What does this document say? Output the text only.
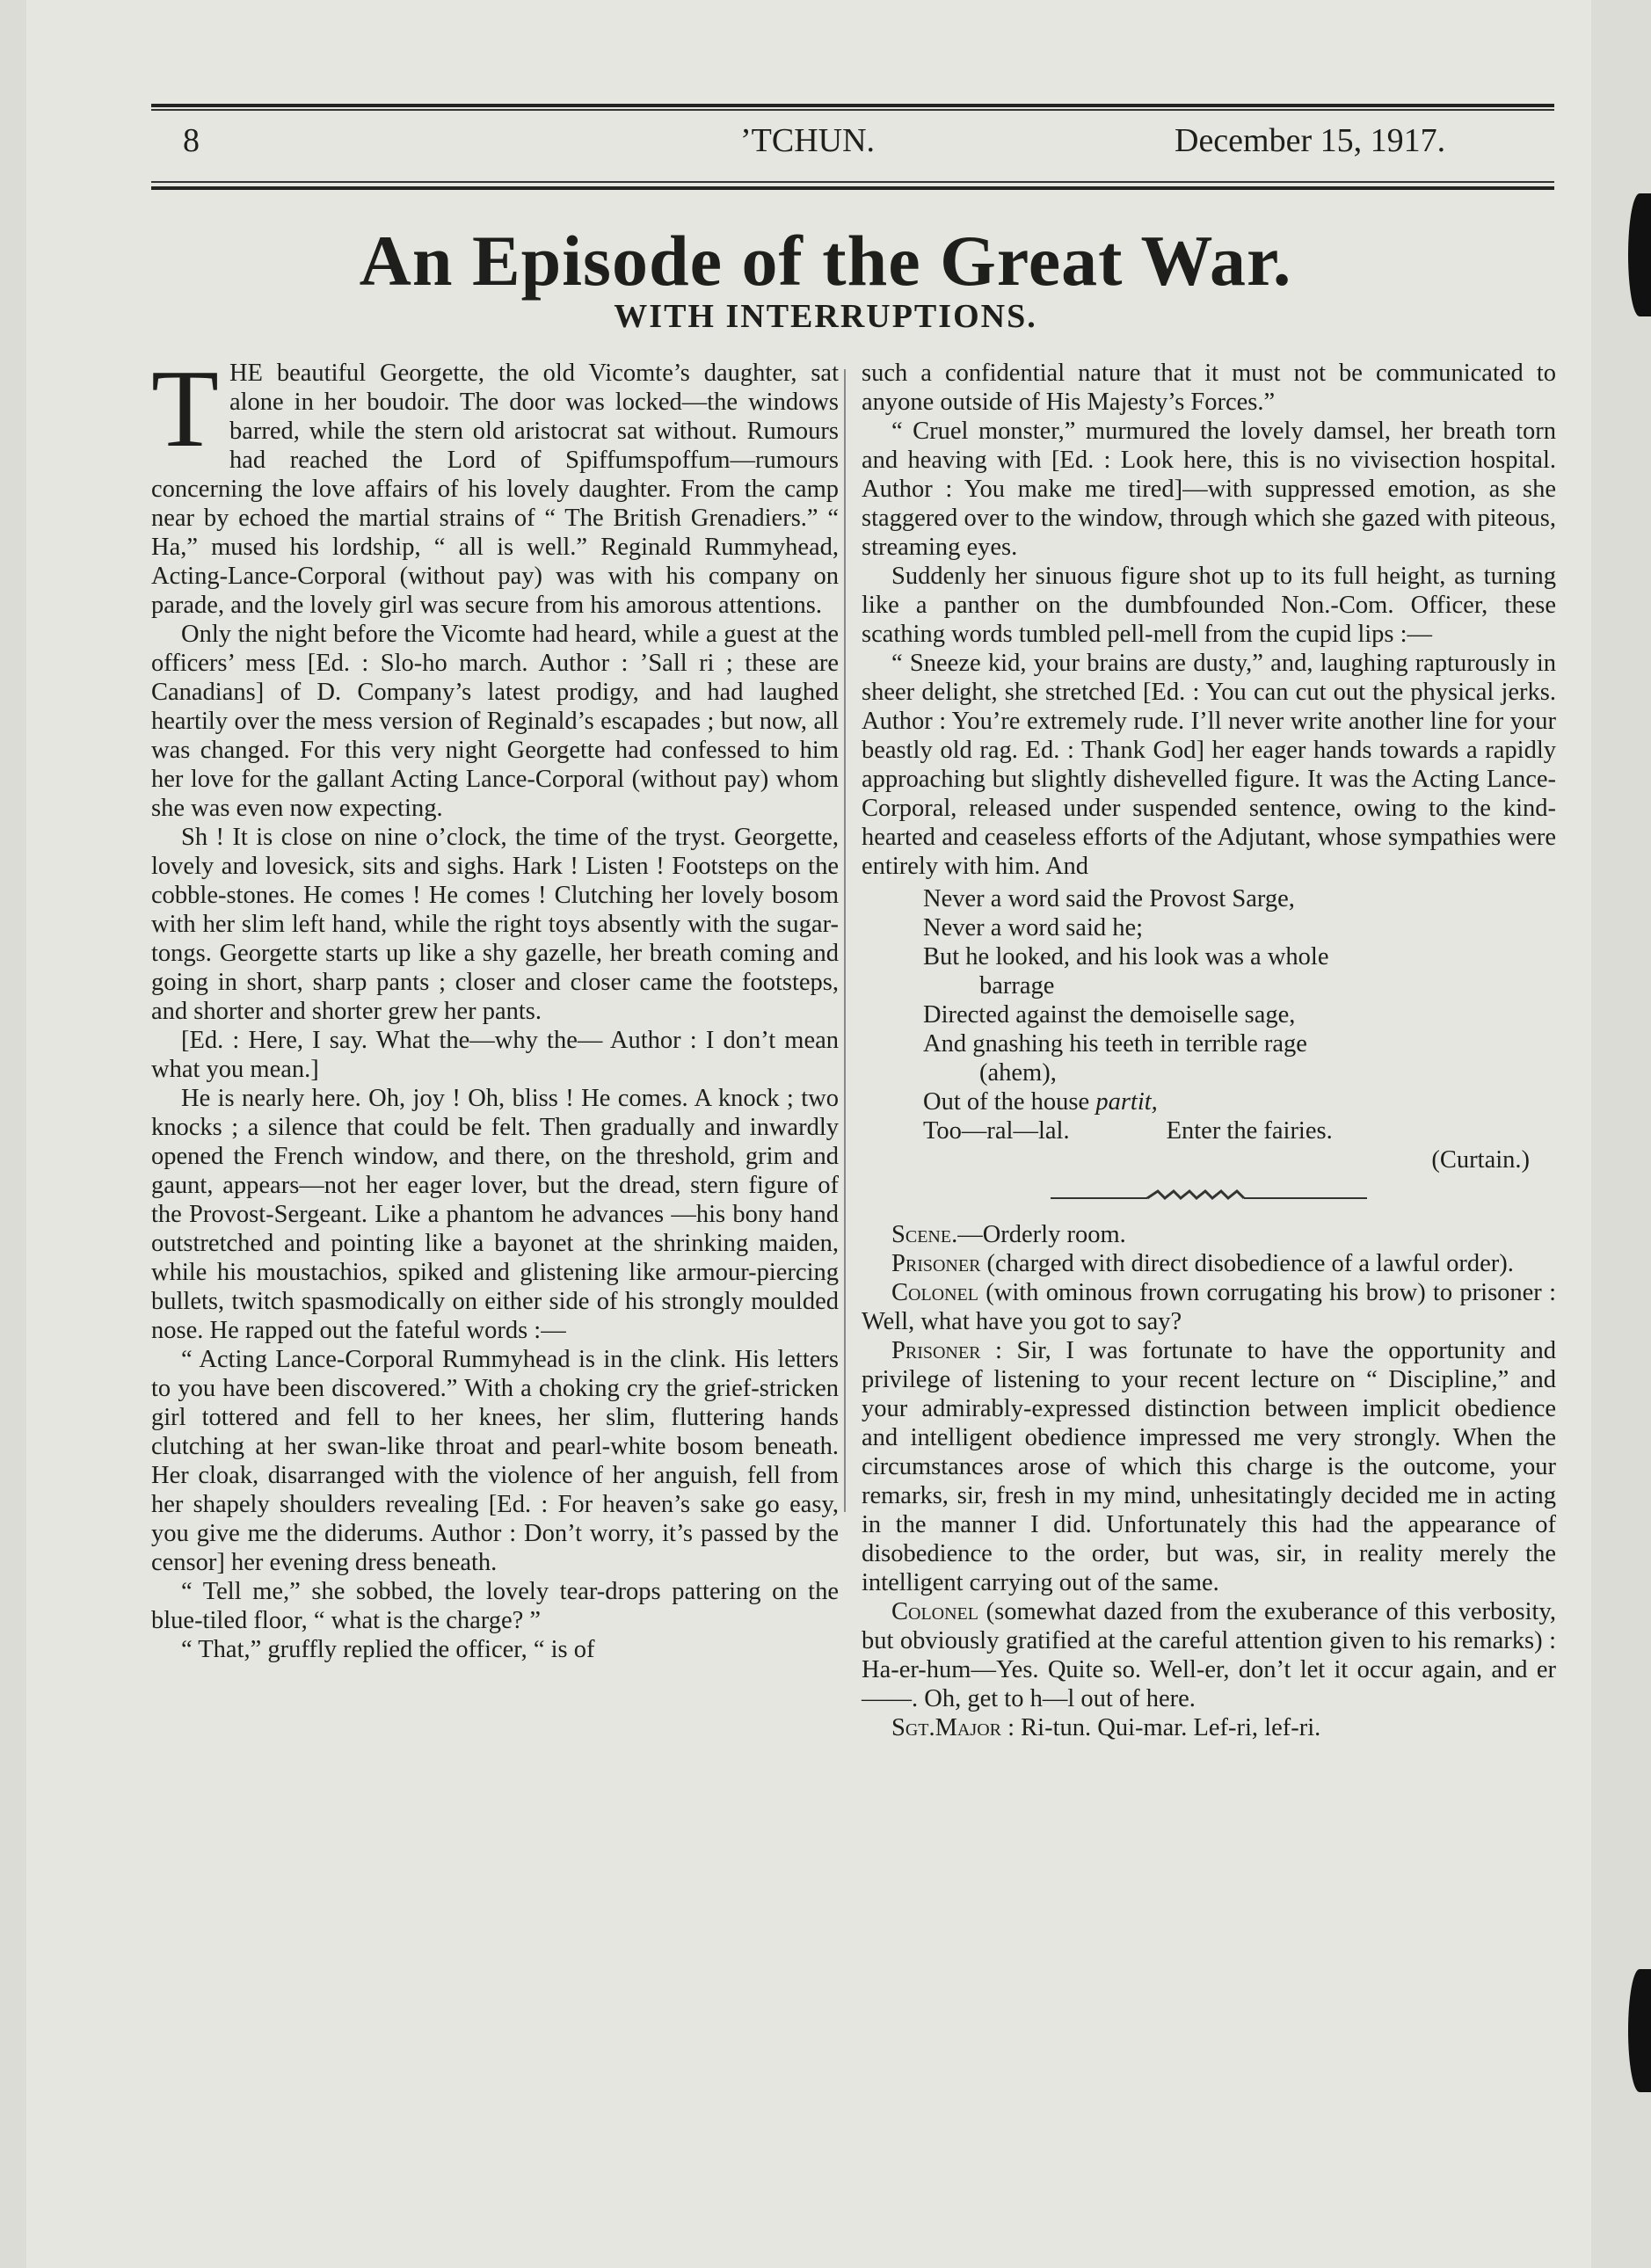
8	’TCHUN.	December 15, 1917.
An Episode of the Great War.
WITH INTERRUPTIONS.

THE beautiful Georgette, the old Vicomte’s daughter, sat alone in her boudoir. The door was locked—the windows barred, while the stern old aristocrat sat without. Rumours had reached the Lord of Spiffumspoffum—rumours concerning the love affairs of his lovely daughter. From the camp near by echoed the martial strains of “ The British Grenadiers.” “ Ha,” mused his lordship, “ all is well.” Reginald Rummyhead, Acting-Lance-Corporal (without pay) was with his company on parade, and the lovely girl was secure from his amorous attentions.

Only the night before the Vicomte had heard, while a guest at the officers’ mess [Ed. : Slo-ho march. Author : ’Sall ri ; these are Canadians] of D. Company’s latest prodigy, and had laughed heartily over the mess version of Reginald’s escapades ; but now, all was changed. For this very night Georgette had confessed to him her love for the gallant Acting Lance-Corporal (without pay) whom she was even now expecting.

Sh ! It is close on nine o’clock, the time of the tryst. Georgette, lovely and lovesick, sits and sighs. Hark ! Listen ! Footsteps on the cobble-stones. He comes ! He comes ! Clutching her lovely bosom with her slim left hand, while the right toys absently with the sugar-tongs. Georgette starts up like a shy gazelle, her breath coming and going in short, sharp pants ; closer and closer came the footsteps, and shorter and shorter grew her pants.

[Ed. : Here, I say. What the—why the— Author : I don’t mean what you mean.]

He is nearly here. Oh, joy ! Oh, bliss ! He comes. A knock ; two knocks ; a silence that could be felt. Then gradually and inwardly opened the French window, and there, on the threshold, grim and gaunt, appears—not her eager lover, but the dread, stern figure of the Provost-Sergeant. Like a phantom he advances —his bony hand outstretched and pointing like a bayonet at the shrinking maiden, while his moustachios, spiked and glistening like armour-piercing bullets, twitch spasmodically on either side of his strongly moulded nose. He rapped out the fateful words :—

“ Acting Lance-Corporal Rummyhead is in the clink. His letters to you have been discovered.” With a choking cry the grief-stricken girl tottered and fell to her knees, her slim, fluttering hands clutching at her swan-like throat and pearl-white bosom beneath. Her cloak, disarranged with the violence of her anguish, fell from her shapely shoulders revealing [Ed. : For heaven’s sake go easy, you give me the diderums. Author : Don’t worry, it’s passed by the censor] her evening dress beneath.

“ Tell me,” she sobbed, the lovely tear-drops pattering on the blue-tiled floor, “ what is the charge? ”

“ That,” gruffly replied the officer, “ is of

such a confidential nature that it must not be communicated to anyone outside of His Majesty’s Forces.”

“ Cruel monster,” murmured the lovely damsel, her breath torn and heaving with [Ed. : Look here, this is no vivisection hospital. Author : You make me tired]—with suppressed emotion, as she staggered over to the window, through which she gazed with piteous, streaming eyes.

Suddenly her sinuous figure shot up to its full height, as turning like a panther on the dumbfounded Non.-Com. Officer, these scathing words tumbled pell-mell from the cupid lips :—

“ Sneeze kid, your brains are dusty,” and, laughing rapturously in sheer delight, she stretched [Ed. : You can cut out the physical jerks. Author : You’re extremely rude. I’ll never write another line for your beastly old rag. Ed. : Thank God] her eager hands towards a rapidly approaching but slightly dishevelled figure. It was the Acting Lance-Corporal, released under suspended sentence, owing to the kind-hearted and ceaseless efforts of the Adjutant, whose sympathies were entirely with him. And

Never a word said the Provost Sarge,
Never a word said he;
But he looked, and his look was a whole
barrage
Directed against the demoiselle sage,
And gnashing his teeth in terrible rage
(ahem),
Out of the house partit,
Too—ral—lal.	Enter the fairies.
(Curtain.)

Scene.—Orderly room.

Prisoner (charged with direct disobedience of a lawful order).

Colonel (with ominous frown corrugating his brow) to prisoner : Well, what have you got to say?

Prisoner : Sir, I was fortunate to have the opportunity and privilege of listening to your recent lecture on “ Discipline,” and your admirably-expressed distinction between implicit obedience and intelligent obedience impressed me very strongly. When the circumstances arose of which this charge is the outcome, your remarks, sir, fresh in my mind, unhesitatingly decided me in acting in the manner I did. Unfortunately this had the appearance of disobedience to the order, but was, sir, in reality merely the intelligent carrying out of the same.

Colonel (somewhat dazed from the exuberance of this verbosity, but obviously gratified at the careful attention given to his remarks) : Ha-er-hum—Yes. Quite so. Well-er, don’t let it occur again, and er——. Oh, get to h—l out of here.

Sgt.Major : Ri-tun. Qui-mar. Lef-ri, lef-ri.
